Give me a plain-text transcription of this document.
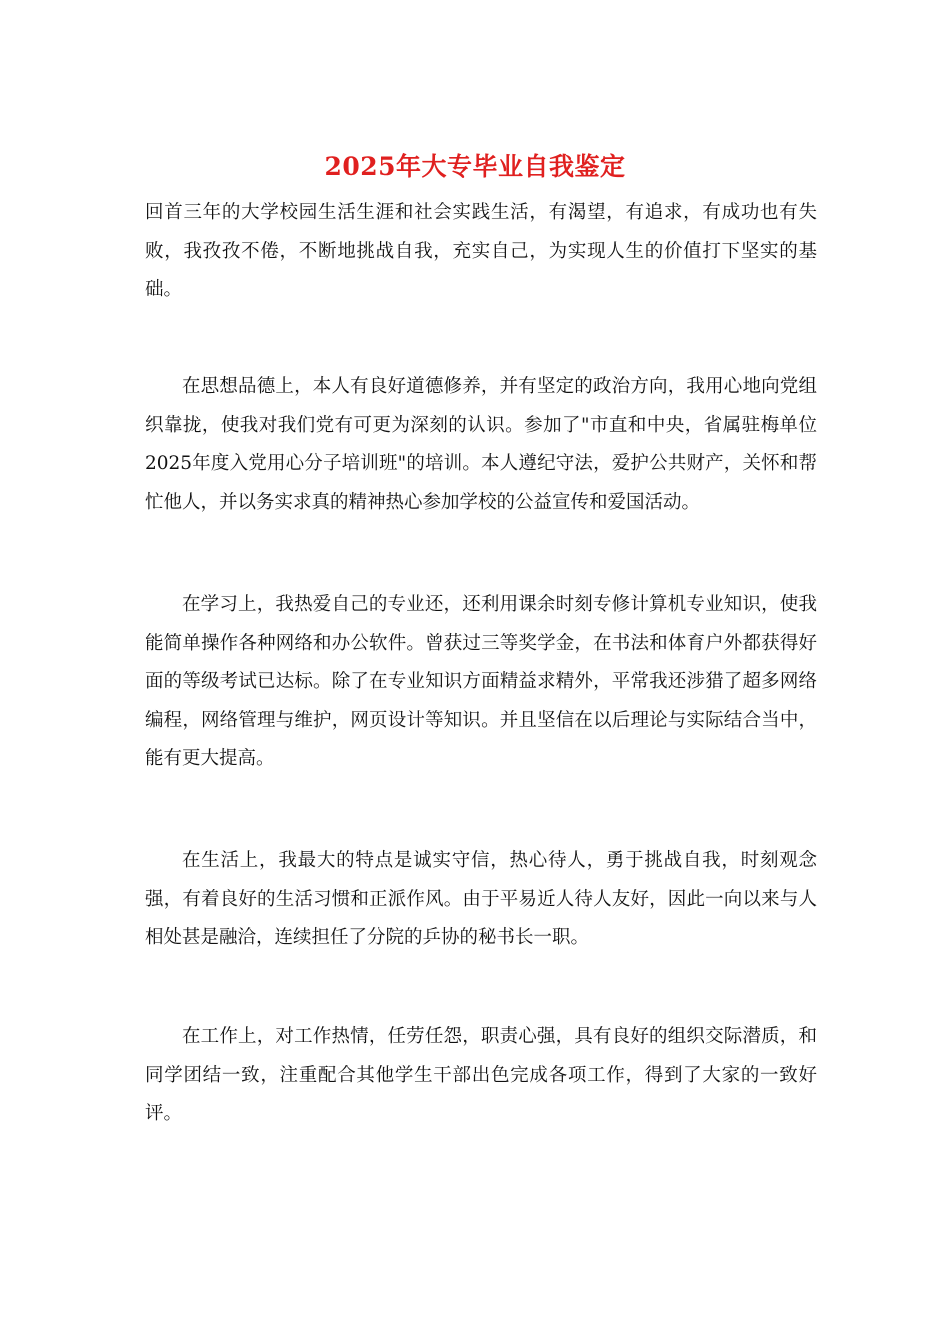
2025年大专毕业自我鉴定

回首三年的大学校园生活生涯和社会实践生活，有渴望，有追求，有成功也有失败，我孜孜不倦，不断地挑战自我，充实自己，为实现人生的价值打下坚实的基础。

在思想品德上，本人有良好道德修养，并有坚定的政治方向，我用心地向党组织靠拢，使我对我们党有可更为深刻的认识。参加了"市直和中央，省属驻梅单位2025年度入党用心分子培训班"的培训。本人遵纪守法，爱护公共财产，关怀和帮忙他人，并以务实求真的精神热心参加学校的公益宣传和爱国活动。

在学习上，我热爱自己的专业还，还利用课余时刻专修计算机专业知识，使我能简单操作各种网络和办公软件。曾获过三等奖学金，在书法和体育户外都获得好面的等级考试已达标。除了在专业知识方面精益求精外，平常我还涉猎了超多网络编程，网络管理与维护，网页设计等知识。并且坚信在以后理论与实际结合当中，能有更大提高。

在生活上，我最大的特点是诚实守信，热心待人，勇于挑战自我，时刻观念强，有着良好的生活习惯和正派作风。由于平易近人待人友好，因此一向以来与人相处甚是融洽，连续担任了分院的乒协的秘书长一职。

在工作上，对工作热情，任劳任怨，职责心强，具有良好的组织交际潜质，和同学团结一致，注重配合其他学生干部出色完成各项工作，得到了大家的一致好评。
